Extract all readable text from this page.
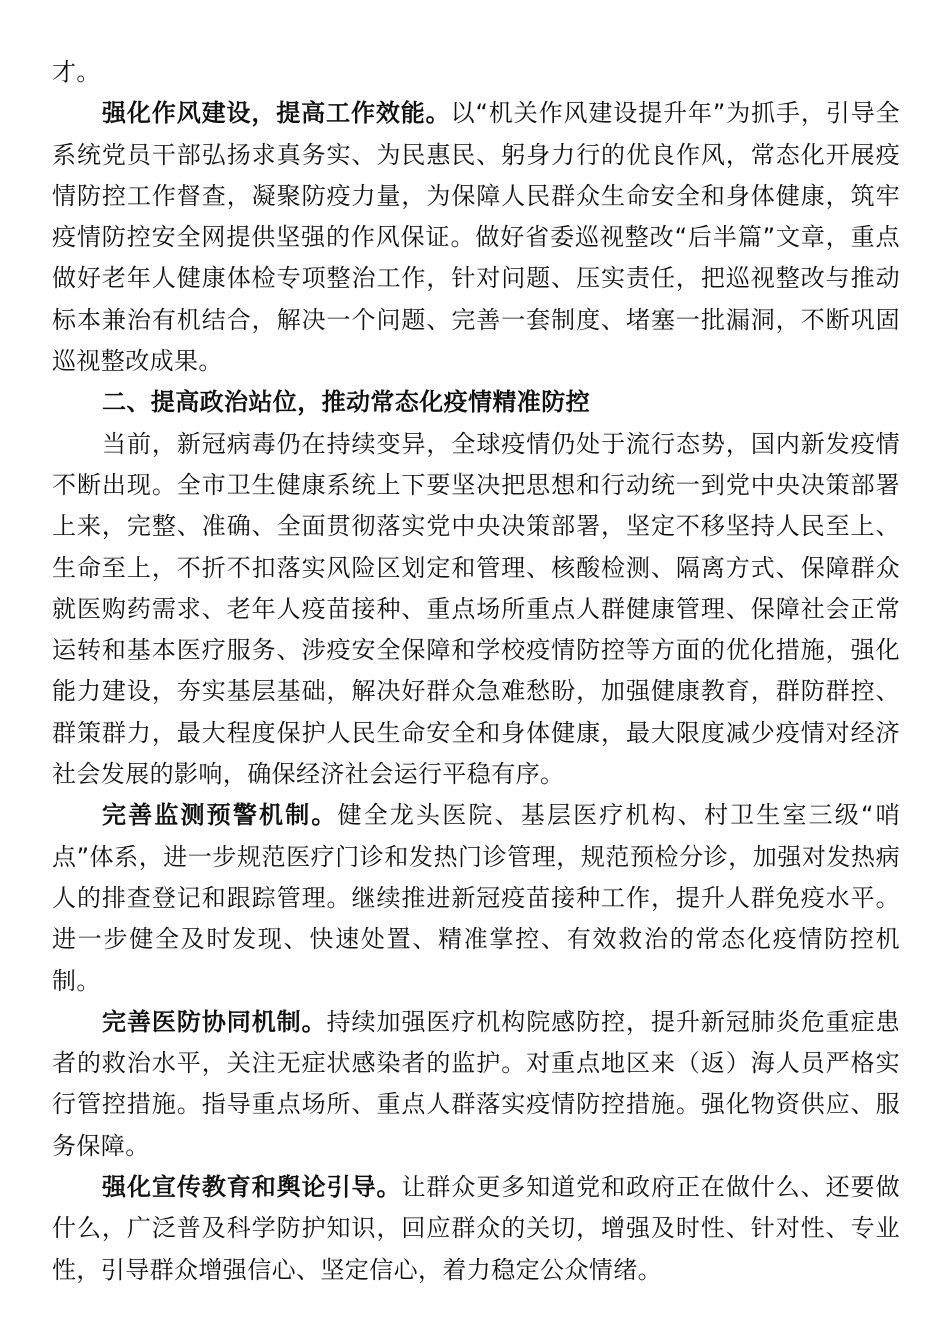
才。

强化作风建设，提高工作效能。以“机关作风建设提升年”为抓手，引导全系统党员干部弘扬求真务实、为民惠民、躬身力行的优良作风，常态化开展疫情防控工作督查，凝聚防疫力量，为保障人民群众生命安全和身体健康，筑牢疫情防控安全网提供坚强的作风保证。做好省委巡视整改“后半篇”文章，重点做好老年人健康体检专项整治工作，针对问题、压实责任，把巡视整改与推动标本兼治有机结合，解决一个问题、完善一套制度、堵塞一批漏洞，不断巩固巡视整改成果。

二、提高政治站位，推动常态化疫情精准防控

当前，新冠病毒仍在持续变异，全球疫情仍处于流行态势，国内新发疫情不断出现。全市卫生健康系统上下要坚决把思想和行动统一到党中央决策部署上来，完整、准确、全面贯彻落实党中央决策部署，坚定不移坚持人民至上、生命至上，不折不扣落实风险区划定和管理、核酸检测、隔离方式、保障群众就医购药需求、老年人疫苗接种、重点场所重点人群健康管理、保障社会正常运转和基本医疗服务、涉疫安全保障和学校疫情防控等方面的优化措施，强化能力建设，夯实基层基础，解决好群众急难愁盼，加强健康教育，群防群控、群策群力，最大程度保护人民生命安全和身体健康，最大限度减少疫情对经济社会发展的影响，确保经济社会运行平稳有序。

完善监测预警机制。健全龙头医院、基层医疗机构、村卫生室三级“哨点”体系，进一步规范医疗门诊和发热门诊管理，规范预检分诊，加强对发热病人的排查登记和跟踪管理。继续推进新冠疫苗接种工作，提升人群免疫水平。进一步健全及时发现、快速处置、精准掌控、有效救治的常态化疫情防控机制。

完善医防协同机制。持续加强医疗机构院感防控，提升新冠肺炎危重症患者的救治水平，关注无症状感染者的监护。对重点地区来（返）海人员严格实行管控措施。指导重点场所、重点人群落实疫情防控措施。强化物资供应、服务保障。

强化宣传教育和舆论引导。让群众更多知道党和政府正在做什么、还要做什么，广泛普及科学防护知识，回应群众的关切，增强及时性、针对性、专业性，引导群众增强信心、坚定信心，着力稳定公众情绪。
